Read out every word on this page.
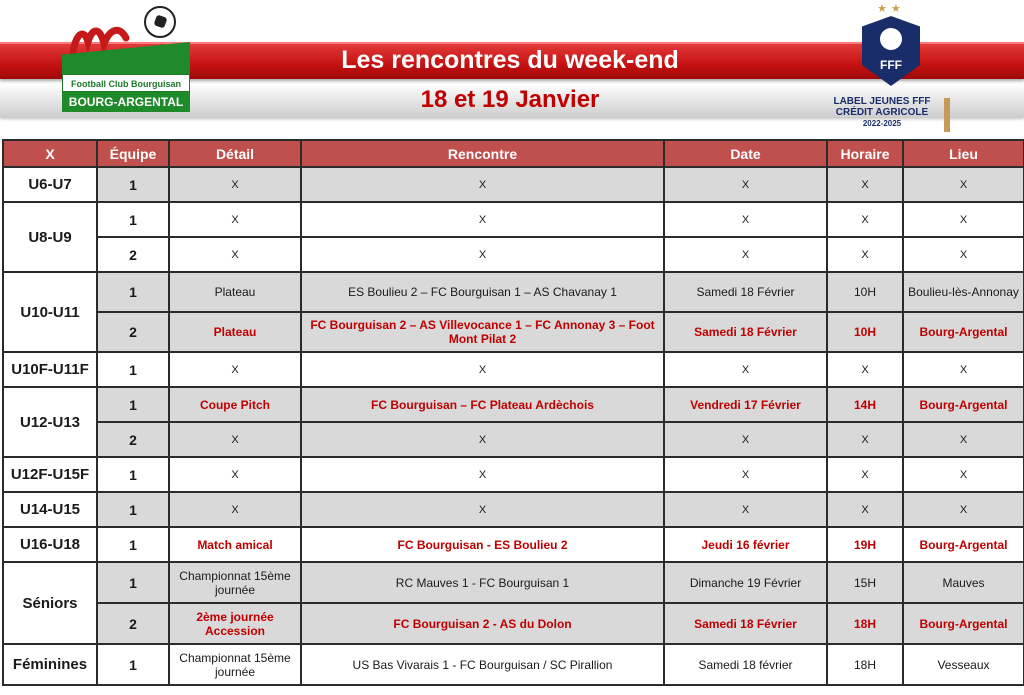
Les rencontres du week-end
18 et 19 Janvier
Football Club Bourguisan
BOURG-ARGENTAL
★★
FFF
LABEL JEUNES FFF
CRÉDIT AGRICOLE
2022-2025
X	Équipe	Détail	Rencontre	Date	Horaire	Lieu
U6-U7	1	X	X	X	X	X
U8-U9	1	X	X	X	X	X
	2	X	X	X	X	X
U10-U11	1	Plateau	ES Boulieu 2 – FC Bourguisan 1 – AS Chavanay 1	Samedi 18 Février	10H	Boulieu-lès-Annonay
	2	Plateau	FC Bourguisan 2 – AS Villevocance 1 – FC Annonay 3 – Foot Mont Pilat 2	Samedi 18 Février	10H	Bourg-Argental
U10F-U11F	1	X	X	X	X	X
U12-U13	1	Coupe Pitch	FC Bourguisan – FC Plateau Ardèchois	Vendredi 17 Février	14H	Bourg-Argental
	2	X	X	X	X	X
U12F-U15F	1	X	X	X	X	X
U14-U15	1	X	X	X	X	X
U16-U18	1	Match amical	FC Bourguisan - ES Boulieu 2	Jeudi 16 février	19H	Bourg-Argental
Séniors	1	Championnat 15ème journée	RC Mauves 1 - FC Bourguisan 1	Dimanche 19 Février	15H	Mauves
	2	2ème journée Accession	FC Bourguisan 2 - AS du Dolon	Samedi 18 Février	18H	Bourg-Argental
Féminines	1	Championnat 15ème journée	US Bas Vivarais 1 - FC Bourguisan / SC Pirallion	Samedi 18 février	18H	Vesseaux
